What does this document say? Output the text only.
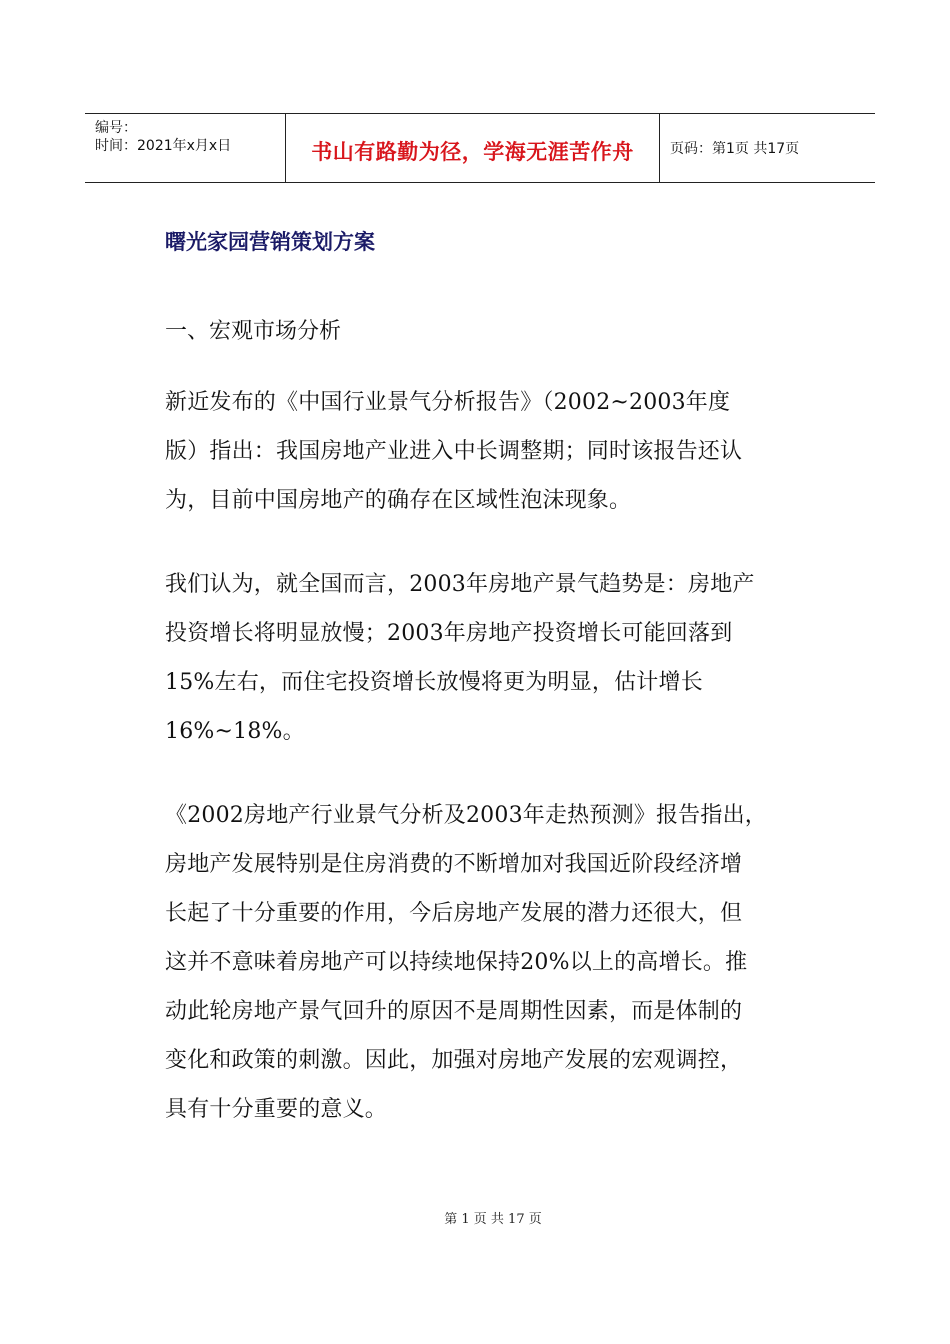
编号：
时间：2021年x月x日	书山有路勤为径，学海无涯苦作舟	页码：第1页 共17页
曙光家园营销策划方案
一、宏观市场分析
新近发布的《中国行业景气分析报告》（2002~2003年度
版）指出：我国房地产业进入中长调整期；同时该报告还认
为，目前中国房地产的确存在区域性泡沫现象。
我们认为，就全国而言，2003年房地产景气趋势是：房地产
投资增长将明显放慢；2003年房地产投资增长可能回落到
15%左右，而住宅投资增长放慢将更为明显，估计增长
16%~18%。
《2002房地产行业景气分析及2003年走热预测》报告指出，
房地产发展特别是住房消费的不断增加对我国近阶段经济增
长起了十分重要的作用，今后房地产发展的潜力还很大，但
这并不意味着房地产可以持续地保持20%以上的高增长。推
动此轮房地产景气回升的原因不是周期性因素，而是体制的
变化和政策的刺激。因此，加强对房地产发展的宏观调控，
具有十分重要的意义。
第 1 页 共 17 页
